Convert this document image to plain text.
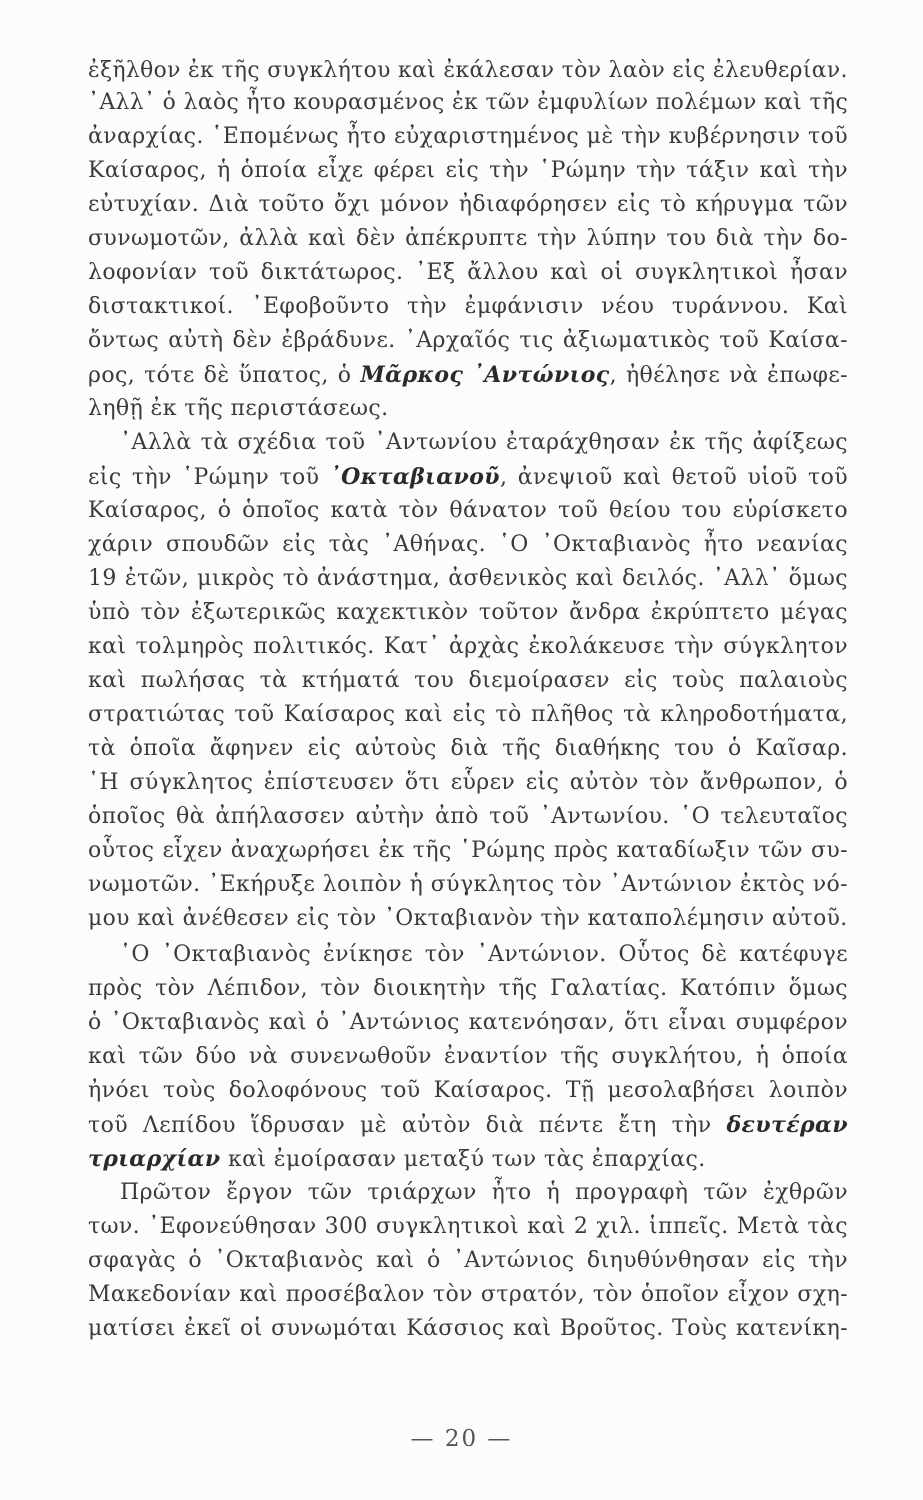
ἐξῆλθον ἐκ τῆς συγκλήτου καὶ ἐκάλεσαν τὸν λαὸν εἰς ἐλευθερίαν.
᾿Αλλ᾿ ὁ λαὸς ἦτο κουρασμένος ἐκ τῶν ἐμφυλίων πολέμων καὶ τῆς
ἀναρχίας. ῾Επομένως ἦτο εὐχαριστημένος μὲ τὴν κυβέρνησιν τοῦ
Καίσαρος, ἡ ὁποία εἶχε φέρει εἰς τὴν ῾Ρώμην τὴν τάξιν καὶ τὴν
εὐτυχίαν. Διὰ τοῦτο ὄχι μόνον ἠδιαφόρησεν εἰς τὸ κήρυγμα τῶν
συνωμοτῶν, ἀλλὰ καὶ δὲν ἀπέκρυπτε τὴν λύπην του διὰ τὴν δο-
λοφονίαν τοῦ δικτάτωρος. ᾿Εξ ἄλλου καὶ οἱ συγκλητικοὶ ἦσαν
διστακτικοί. ᾿Εφοβοῦντο τὴν ἐμφάνισιν νέου τυράννου. Καὶ
ὄντως αὐτὴ δὲν ἐβράδυνε. ᾿Αρχαῖός τις ἀξιωματικὸς τοῦ Καίσα-
ρος, τότε δὲ ὕπατος, ὁ Μᾶρκος ᾿Αντώνιος, ἠθέλησε νὰ ἐπωφε-
ληθῇ ἐκ τῆς περιστάσεως.
᾿Αλλὰ τὰ σχέδια τοῦ ᾿Αντωνίου ἐταράχθησαν ἐκ τῆς ἀφίξεως
εἰς τὴν ῾Ρώμην τοῦ ᾿Οκταβιανοῦ, ἀνεψιοῦ καὶ θετοῦ υἱοῦ τοῦ
Καίσαρος, ὁ ὁποῖος κατὰ τὸν θάνατον τοῦ θείου του εὑρίσκετο
χάριν σπουδῶν εἰς τὰς ᾿Αθήνας. ῾Ο ᾿Οκταβιανὸς ἦτο νεανίας
19 ἐτῶν, μικρὸς τὸ ἀνάστημα, ἀσθενικὸς καὶ δειλός. ᾿Αλλ᾿ ὅμως
ὑπὸ τὸν ἐξωτερικῶς καχεκτικὸν τοῦτον ἄνδρα ἐκρύπτετο μέγας
καὶ τολμηρὸς πολιτικός. Κατ᾿ ἀρχὰς ἐκολάκευσε τὴν σύγκλητον
καὶ πωλήσας τὰ κτήματά του διεμοίρασεν εἰς τοὺς παλαιοὺς
στρατιώτας τοῦ Καίσαρος καὶ εἰς τὸ πλῆθος τὰ κληροδοτήματα,
τὰ ὁποῖα ἄφηνεν εἰς αὐτοὺς διὰ τῆς διαθήκης του ὁ Καῖσαρ.
῾Η σύγκλητος ἐπίστευσεν ὅτι εὗρεν εἰς αὐτὸν τὸν ἄνθρωπον, ὁ
ὁποῖος θὰ ἀπήλασσεν αὐτὴν ἀπὸ τοῦ ᾿Αντωνίου. ῾Ο τελευταῖος
οὗτος εἶχεν ἀναχωρήσει ἐκ τῆς ῾Ρώμης πρὸς καταδίωξιν τῶν συ-
νωμοτῶν. ᾿Εκήρυξε λοιπὸν ἡ σύγκλητος τὸν ᾿Αντώνιον ἐκτὸς νό-
μου καὶ ἀνέθεσεν εἰς τὸν ᾿Οκταβιανὸν τὴν καταπολέμησιν αὐτοῦ.
῾Ο ᾿Οκταβιανὸς ἐνίκησε τὸν ᾿Αντώνιον. Οὗτος δὲ κατέφυγε
πρὸς τὸν Λέπιδον, τὸν διοικητὴν τῆς Γαλατίας. Κατόπιν ὅμως
ὁ ᾿Οκταβιανὸς καὶ ὁ ᾿Αντώνιος κατενόησαν, ὅτι εἶναι συμφέρον
καὶ τῶν δύο νὰ συνενωθοῦν ἐναντίον τῆς συγκλήτου, ἡ ὁποία
ἠνόει τοὺς δολοφόνους τοῦ Καίσαρος. Τῇ μεσολαβήσει λοιπὸν
τοῦ Λεπίδου ἵδρυσαν μὲ αὐτὸν διὰ πέντε ἔτη τὴν δευτέραν
τριαρχίαν καὶ ἐμοίρασαν μεταξύ των τὰς ἐπαρχίας.
Πρῶτον ἔργον τῶν τριάρχων ἦτο ἡ προγραφὴ τῶν ἐχθρῶν
των. ᾿Εφονεύθησαν 300 συγκλητικοὶ καὶ 2 χιλ. ἱππεῖς. Μετὰ τὰς
σφαγὰς ὁ ᾿Οκταβιανὸς καὶ ὁ ᾿Αντώνιος διηυθύνθησαν εἰς τὴν
Μακεδονίαν καὶ προσέβαλον τὸν στρατόν, τὸν ὁποῖον εἶχον σχη-
ματίσει ἐκεῖ οἱ συνωμόται Κάσσιος καὶ Βροῦτος. Τοὺς κατενίκη-
— 20 —
